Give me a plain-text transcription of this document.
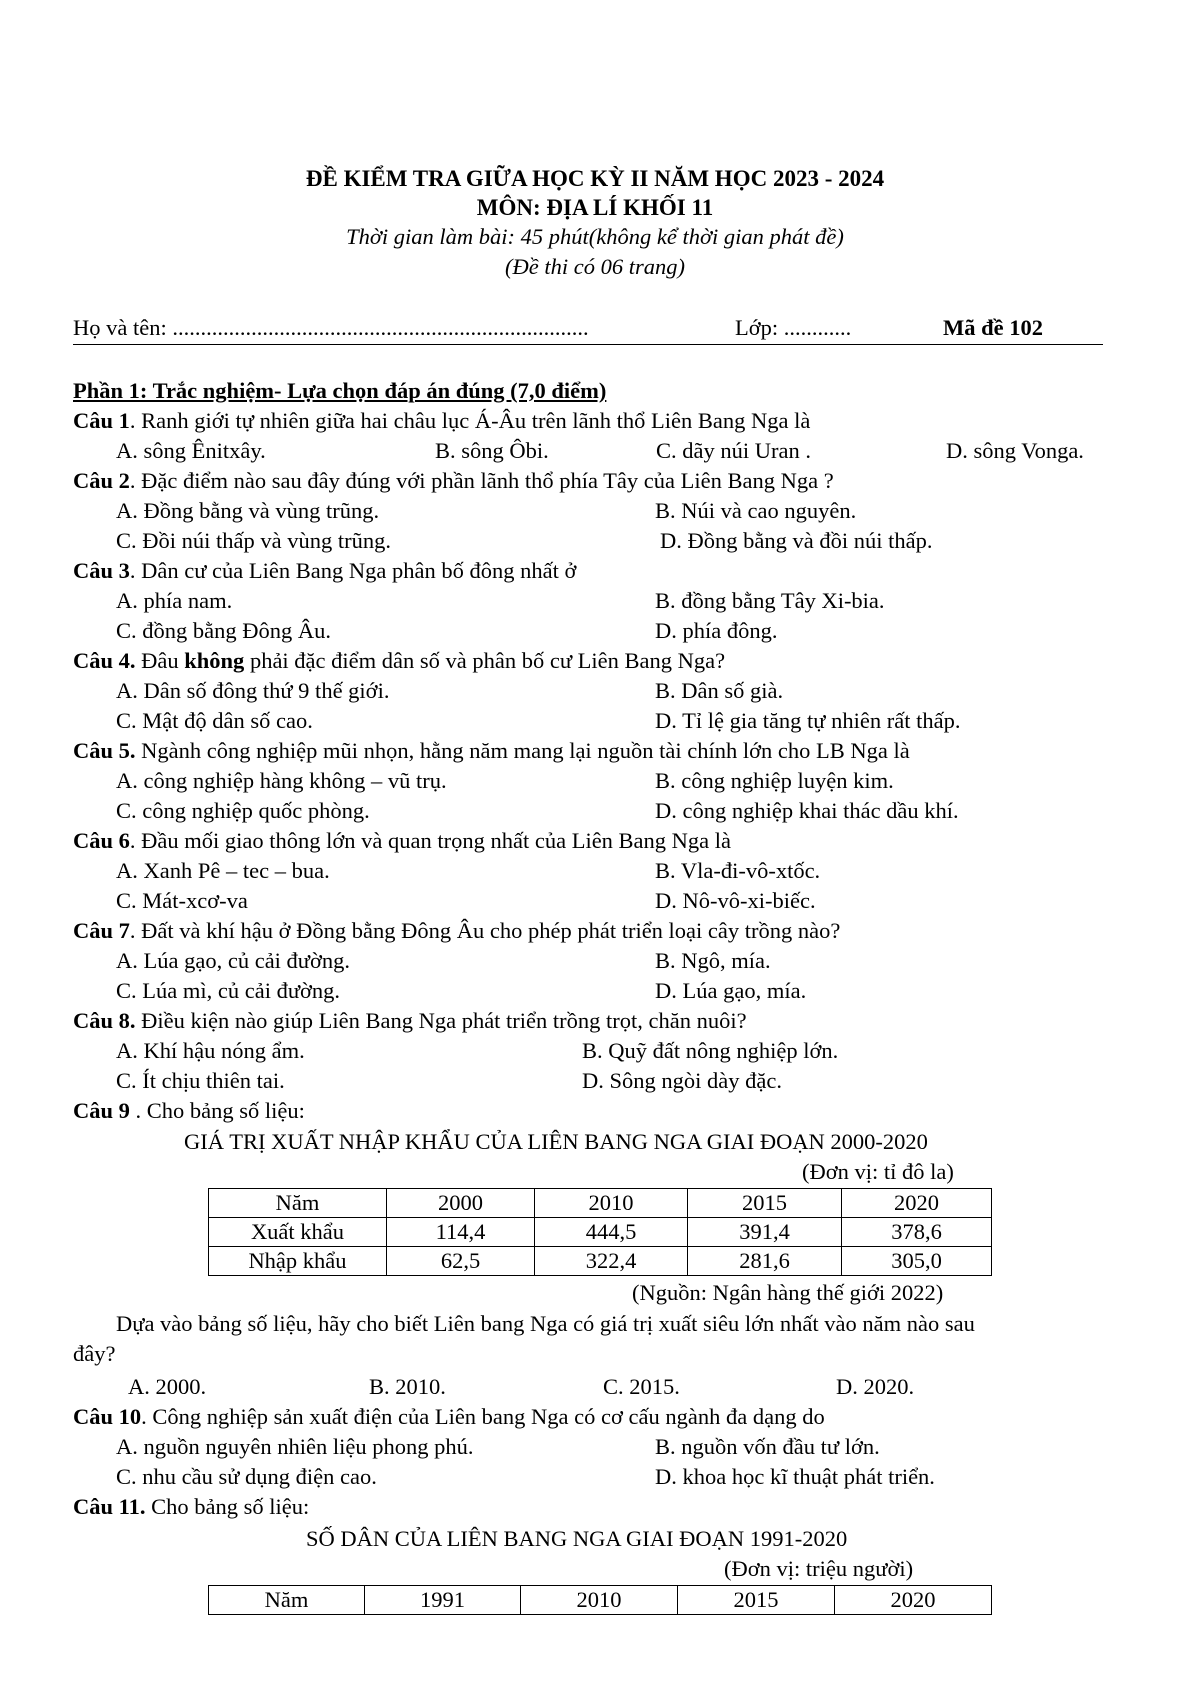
ĐỀ KIỂM TRA GIỮA HỌC KỲ II NĂM HỌC 2023 - 2024
MÔN: ĐỊA LÍ KHỐI 11
Thời gian làm bài: 45 phút(không kể thời gian phát đề)
(Đề thi có 06 trang)
Họ và tên: ..........................................................................	Lớp: ............	Mã đề 102
Phần 1: Trắc nghiệm- Lựa chọn đáp án đúng (7,0 điểm)
Câu 1. Ranh giới tự nhiên giữa hai châu lục Á-Âu trên lãnh thổ Liên Bang Nga là
A. sông Ênitxây.	B. sông Ôbi.	C. dãy núi Uran .	D. sông Vonga.
Câu 2. Đặc điểm nào sau đây đúng với phần lãnh thổ phía Tây của Liên Bang Nga ?
A. Đồng bằng và vùng trũng.	B. Núi và cao nguyên.
C. Đồi núi thấp và vùng trũng.	D. Đồng bằng và đồi núi thấp.
Câu 3. Dân cư của Liên Bang Nga phân bố đông nhất ở
A. phía nam.	B. đồng bằng Tây Xi-bia.
C. đồng bằng Đông Âu.	D. phía đông.
Câu 4. Đâu không phải đặc điểm dân số và phân bố cư Liên Bang Nga?
A. Dân số đông thứ 9 thế giới.	B. Dân số già.
C. Mật độ dân số cao.	D. Tỉ lệ gia tăng tự nhiên rất thấp.
Câu 5. Ngành công nghiệp mũi nhọn, hằng năm mang lại nguồn tài chính lớn cho LB Nga là
A. công nghiệp hàng không – vũ trụ.	B. công nghiệp luyện kim.
C. công nghiệp quốc phòng.	D. công nghiệp khai thác dầu khí.
Câu 6. Đầu mối giao thông lớn và quan trọng nhất của Liên Bang Nga là
A. Xanh Pê – tec – bua.	B. Vla-đi-vô-xtốc.
C. Mát-xcơ-va	D. Nô-vô-xi-biếc.
Câu 7. Đất và khí hậu ở Đồng bằng Đông Âu cho phép phát triển loại cây trồng nào?
A. Lúa gạo, củ cải đường.	B. Ngô, mía.
C. Lúa mì, củ cải đường.	D. Lúa gạo, mía.
Câu 8. Điều kiện nào giúp Liên Bang Nga phát triển trồng trọt, chăn nuôi?
A. Khí hậu nóng ẩm.	B. Quỹ đất nông nghiệp lớn.
C. Ít chịu thiên tai.	D. Sông ngòi dày đặc.
Câu 9 . Cho bảng số liệu:
GIÁ TRỊ XUẤT NHẬP KHẨU CỦA LIÊN BANG NGA GIAI ĐOẠN 2000-2020
(Đơn vị: tỉ đô la)
Năm	2000	2010	2015	2020
Xuất khẩu	114,4	444,5	391,4	378,6
Nhập khẩu	62,5	322,4	281,6	305,0
(Nguồn: Ngân hàng thế giới 2022)
Dựa vào bảng số liệu, hãy cho biết Liên bang Nga có giá trị xuất siêu lớn nhất vào năm nào sau
đây?
A. 2000.	B. 2010.	C. 2015.	D. 2020.
Câu 10. Công nghiệp sản xuất điện của Liên bang Nga có cơ cấu ngành đa dạng do
A. nguồn nguyên nhiên liệu phong phú.	B. nguồn vốn đầu tư lớn.
C. nhu cầu sử dụng điện cao.	D. khoa học kĩ thuật phát triển.
Câu 11. Cho bảng số liệu:
SỐ DÂN CỦA LIÊN BANG NGA GIAI ĐOẠN 1991-2020
(Đơn vị: triệu người)
Năm	1991	2010	2015	2020
